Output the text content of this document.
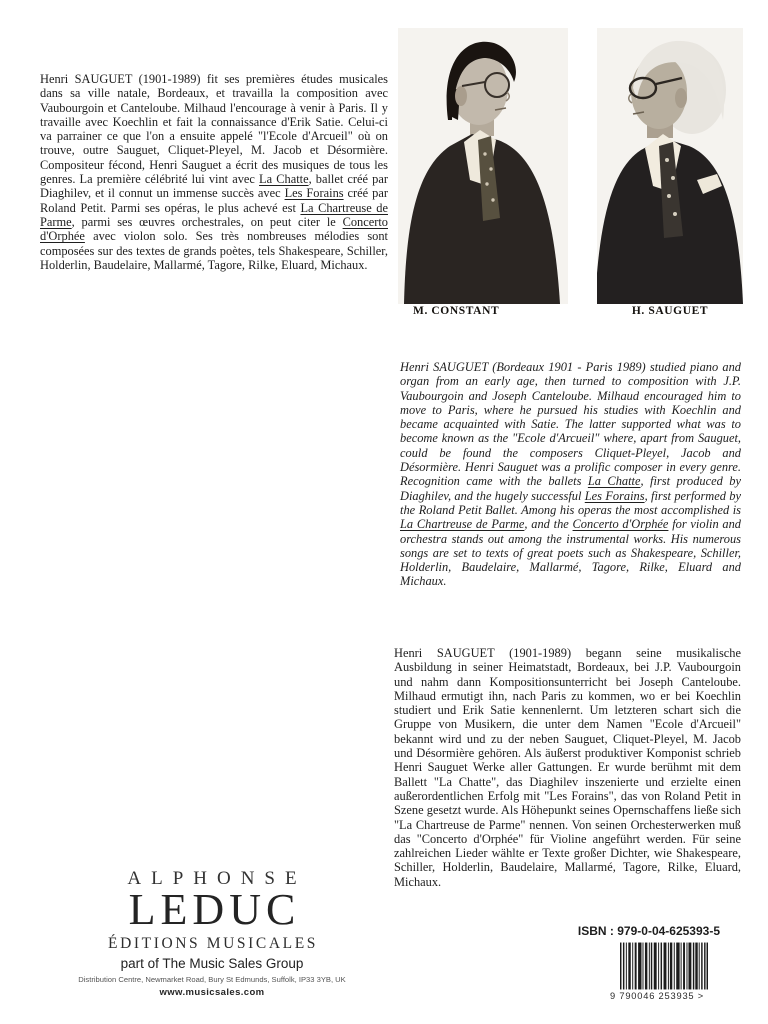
Henri SAUGUET (1901-1989) fit ses premières études musicales dans sa ville natale, Bordeaux, et travailla la composition avec Vaubourgoin et Canteloube. Milhaud l'encourage à venir à Paris. Il y travaille avec Koechlin et fait la connaissance d'Erik Satie. Celui-ci va parrainer ce que l'on a ensuite appelé "l'Ecole d'Arcueil" où on trouve, outre Sauguet, Cliquet-Pleyel, M. Jacob et Désormière. Compositeur fécond, Henri Sauguet a écrit des musiques de tous les genres. La première célébrité lui vint avec La Chatte, ballet créé par Diaghilev, et il connut un immense succès avec Les Forains créé par Roland Petit. Parmi ses opéras, le plus achevé est La Chartreuse de Parme, parmi ses œuvres orchestrales, on peut citer le Concerto d'Orphée avec violon solo. Ses très nombreuses mélodies sont composées sur des textes de grands poètes, tels Shakespeare, Schiller, Holderlin, Baudelaire, Mallarmé, Tagore, Rilke, Eluard, Michaux.

M. CONSTANT	H. SAUGUET

Henri SAUGUET (Bordeaux 1901 - Paris 1989) studied piano and organ from an early age, then turned to composition with J.P. Vaubourgoin and Joseph Canteloube. Milhaud encouraged him to move to Paris, where he pursued his studies with Koechlin and became acquainted with Satie. The latter supported what was to become known as the "Ecole d'Arcueil" where, apart from Sauguet, could be found the composers Cliquet-Pleyel, Jacob and Désormière. Henri Sauguet was a prolific composer in every genre. Recognition came with the ballets La Chatte, first produced by Diaghilev, and the hugely successful Les Forains, first performed by the Roland Petit Ballet. Among his operas the most accomplished is La Chartreuse de Parme, and the Concerto d'Orphée for violin and orchestra stands out among the instrumental works. His numerous songs are set to texts of great poets such as Shakespeare, Schiller, Holderlin, Baudelaire, Mallarmé, Tagore, Rilke, Eluard and Michaux.

Henri SAUGUET (1901-1989) begann seine musikalische Ausbildung in seiner Heimatstadt, Bordeaux, bei J.P. Vaubourgoin und nahm dann Kompositionsunterricht bei Joseph Canteloube. Milhaud ermutigt ihn, nach Paris zu kommen, wo er bei Koechlin studiert und Erik Satie kennenlernt. Um letzteren schart sich die Gruppe von Musikern, die unter dem Namen "Ecole d'Arcueil" bekannt wird und zu der neben Sauguet, Cliquet-Pleyel, M. Jacob und Désormière gehören. Als äußerst produktiver Komponist schrieb Henri Sauguet Werke aller Gattungen. Er wurde berühmt mit dem Ballett "La Chatte", das Diaghilev inszenierte und erzielte einen außerordentlichen Erfolg mit "Les Forains", das von Roland Petit in Szene gesetzt wurde. Als Höhepunkt seines Opernschaffens ließe sich "La Chartreuse de Parme" nennen. Von seinen Orchesterwerken muß das "Concerto d'Orphée" für Violine angeführt werden. Für seine zahlreichen Lieder wählte er Texte großer Dichter, wie Shakespeare, Schiller, Holderlin, Baudelaire, Mallarmé, Tagore, Rilke, Eluard, Michaux.

ALPHONSE
LEDUC
ÉDITIONS MUSICALES
part of The Music Sales Group
Distribution Centre, Newmarket Road, Bury St Edmunds, Suffolk, IP33 3YB, UK
www.musicsales.com
ISBN : 979-0-04-625393-5
9 790046 253935 >
